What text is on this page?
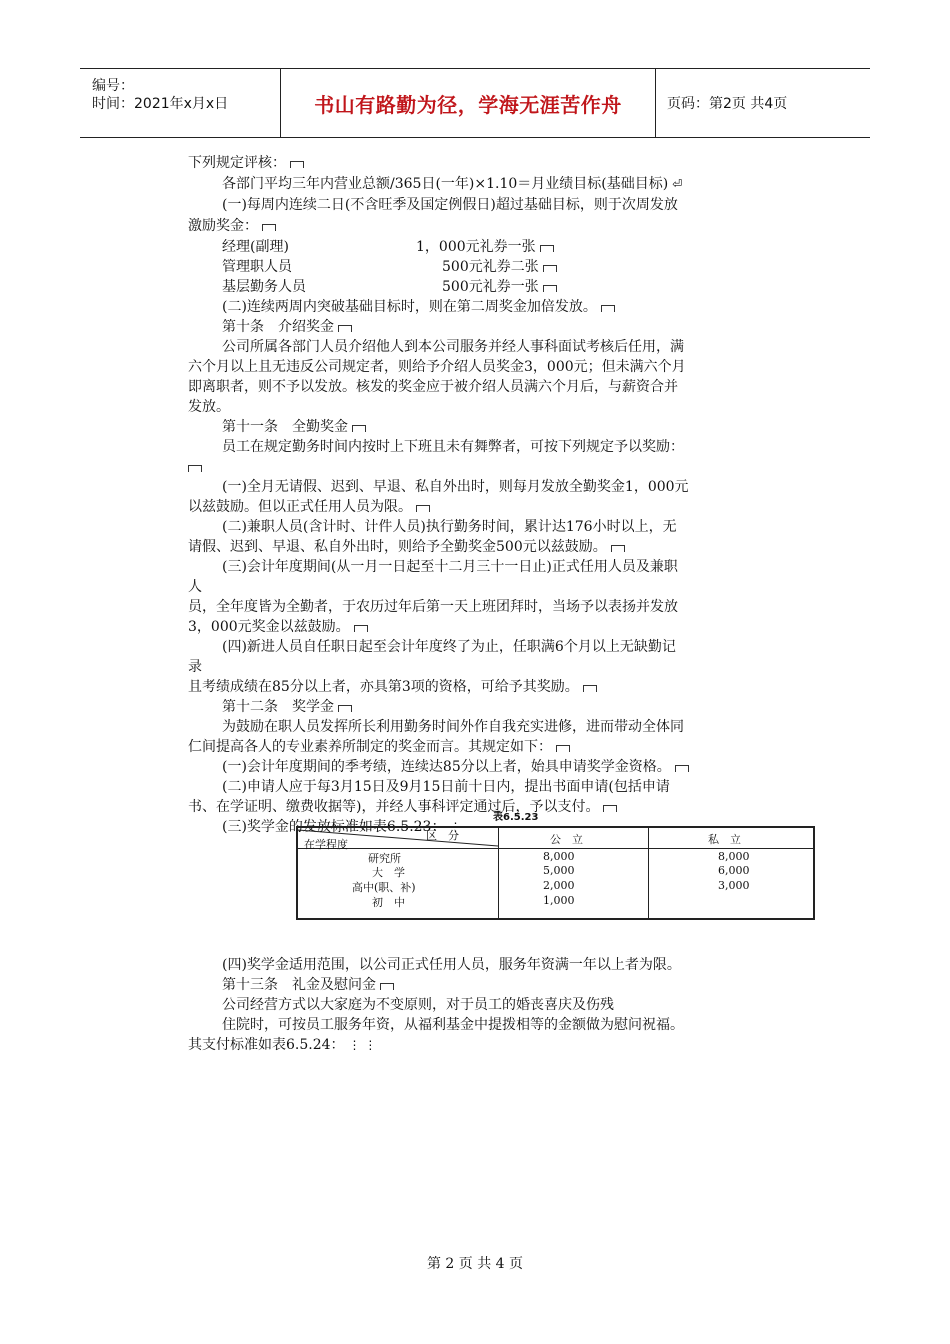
编号：
时间：2021年x月x日	书山有路勤为径，学海无涯苦作舟	页码：第2页 共4页
下列规定评核：
各部门平均三年内营业总额/365日(一年)×1.10＝月业绩目标(基础目标) ⏎
(一)每周内连续二日(不含旺季及国定例假日)超过基础目标，则于次周发放
激励奖金：
经理(副理)	1，000元礼券一张
管理职人员	500元礼券二张
基层勤务人员	500元礼券一张
(二)连续两周内突破基础目标时，则在第二周奖金加倍发放。
第十条　介绍奖金
公司所属各部门人员介绍他人到本公司服务并经人事科面试考核后任用，满
六个月以上且无违反公司规定者，则给予介绍人员奖金3，000元；但未满六个月
即离职者，则不予以发放。核发的奖金应于被介绍人员满六个月后，与薪资合并
发放。
第十一条　全勤奖金
员工在规定勤务时间内按时上下班且未有舞弊者，可按下列规定予以奖励：
(一)全月无请假、迟到、早退、私自外出时，则每月发放全勤奖金1，000元
以兹鼓励。但以正式任用人员为限。
(二)兼职人员(含计时、计件人员)执行勤务时间，累计达176小时以上，无
请假、迟到、早退、私自外出时，则给予全勤奖金500元以兹鼓励。
(三)会计年度期间(从一月一日起至十二月三十一日止)正式任用人员及兼职
人
员，全年度皆为全勤者，于农历过年后第一天上班团拜时，当场予以表扬并发放
3，000元奖金以兹鼓励。
(四)新进人员自任职日起至会计年度终了为止，任职满6个月以上无缺勤记
录
且考绩成绩在85分以上者，亦具第3项的资格，可给予其奖励。
第十二条　奖学金
为鼓励在职人员发挥所长利用勤务时间外作自我充实进修，进而带动全体同
仁间提高各人的专业素养所制定的奖金而言。其规定如下：
(一)会计年度期间的季考绩，连续达85分以上者，始具申请奖学金资格。
(二)申请人应于每3月15日及9月15日前十日内，提出书面申请(包括申请
书、在学证明、缴费收据等)，并经人事科评定通过后，予以支付。
(三)奖学金的发放标准如表6.5.23： ⋮
(四)奖学金适用范围，以公司正式任用人员，服务年资满一年以上者为限。
第十三条　礼金及慰问金
公司经营方式以大家庭为不变原则，对于员工的婚丧喜庆及伤残
住院时，可按员工服务年资，从福利基金中提拨相等的金额做为慰问祝福。
其支付标准如表6.5.24： ⋮ ⋮
表6.5.23
区　分
在学程度	公　立	私　立
研究所	8,000	8,000
大　学	5,000	6,000
高中(职、补)	2,000	3,000
初　中	1,000
第 2 页 共 4 页
